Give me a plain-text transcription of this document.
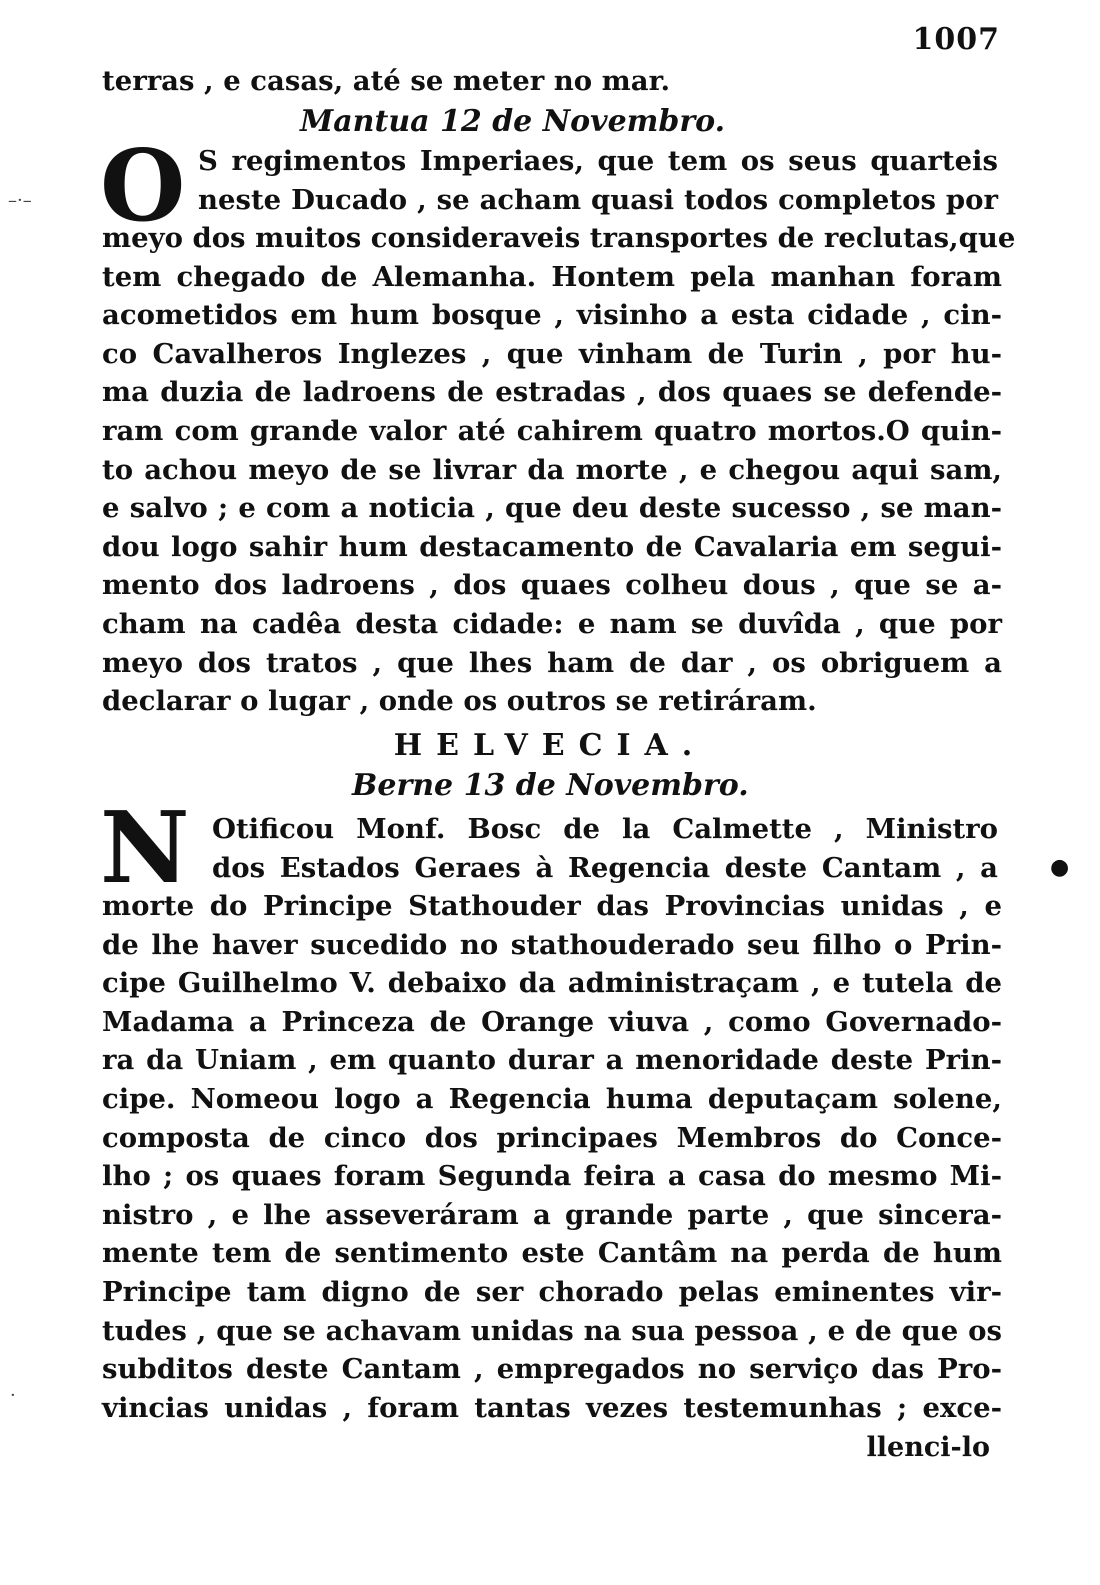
1007
terras , e casas, até se meter no mar.
Mantua 12 de Novembro.
O S regimentos Imperiaes, que tem os seus quarteis
neste Ducado , se acham quasi todos completos por
meyo dos muitos consideraveis transportes de reclutas,que
tem chegado de Alemanha. Hontem pela manhan foram
acometidos em hum bosque , visinho a esta cidade , cin-
co Cavalheros Inglezes , que vinham de Turin , por hu-
ma duzia de ladroens de estradas , dos quaes se defende-
ram com grande valor até cahirem quatro mortos.O quin-
to achou meyo de se livrar da morte , e chegou aqui sam,
e salvo ; e com a noticia , que deu deste sucesso , se man-
dou logo sahir hum destacamento de Cavalaria em segui-
mento dos ladroens , dos quaes colheu dous , que se a-
cham na cadêa desta cidade: e nam se duvîda , que por
meyo dos tratos , que lhes ham de dar , os obriguem a
declarar o lugar , onde os outros se retiráram.
HELVECIA.
Berne 13 de Novembro.
N Otificou Monf. Bosc de la Calmette , Ministro
dos Estados Geraes à Regencia deste Cantam , a
morte do Principe Stathouder das Provincias unidas , e
de lhe haver sucedido no stathouderado seu filho o Prin-
cipe Guilhelmo V. debaixo da administraçam , e tutela de
Madama a Princeza de Orange viuva , como Governado-
ra da Uniam , em quanto durar a menoridade deste Prin-
cipe. Nomeou logo a Regencia huma deputaçam solene,
composta de cinco dos principaes Membros do Conce-
lho ; os quaes foram Segunda feira a casa do mesmo Mi-
nistro , e lhe asseveráram a grande parte , que sincera-
mente tem de sentimento este Cantâm na perda de hum
Principe tam digno de ser chorado pelas eminentes vir-
tudes , que se achavam unidas na sua pessoa , e de que os
subditos deste Cantam , empregados no serviço das Pro-
vincias unidas , foram tantas vezes testemunhas ; exce-
llenci-lo
–·–
·
●
